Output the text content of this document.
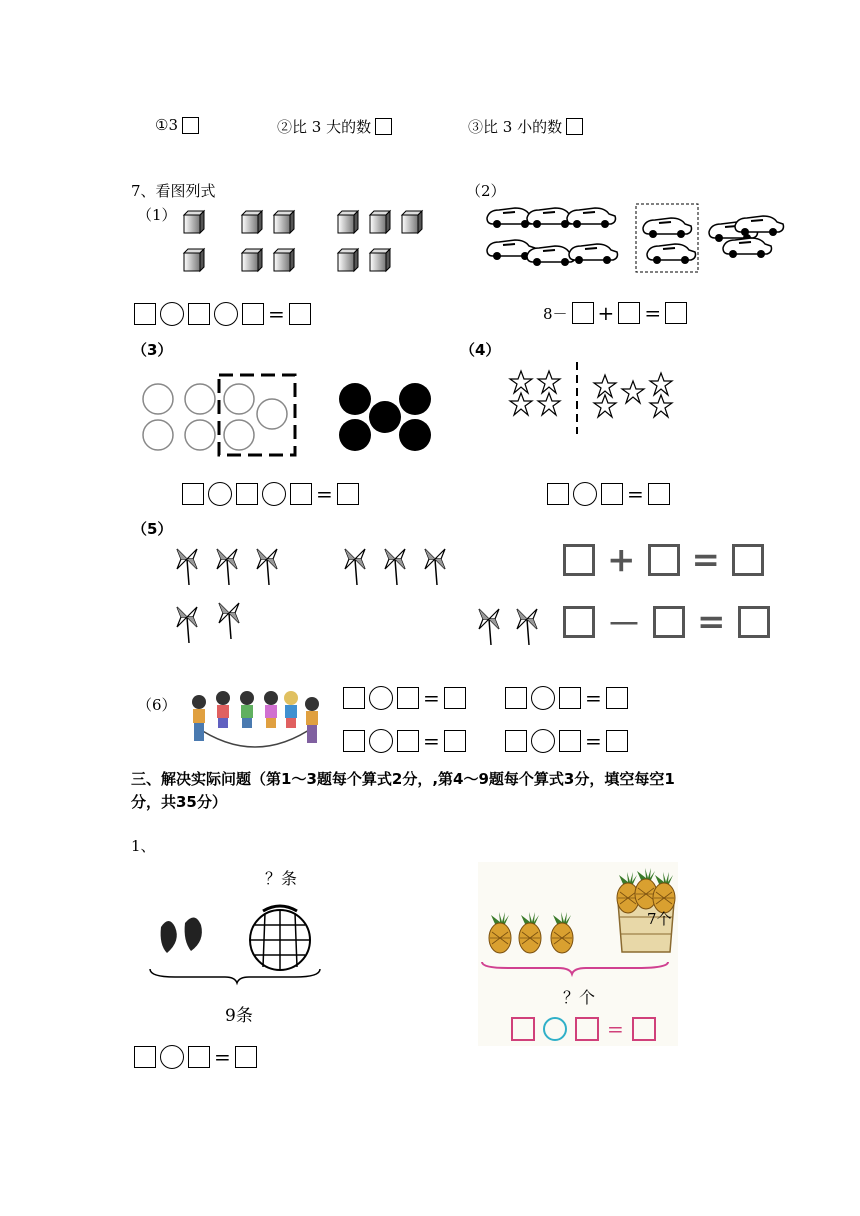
①3	②比 3 大的数	③比 3 小的数
7、看图列式	（2）
（1）
=	8－ + =
（3）	（4）
=	=
（5）
+ =
－ =
（6）	=	=
=	=
三、解决实际问题（第1～3题每个算式2分，,第4～9题每个算式3分，填空每空1
分，共35分）
1、
？条
9条
=
7个
？个
=
